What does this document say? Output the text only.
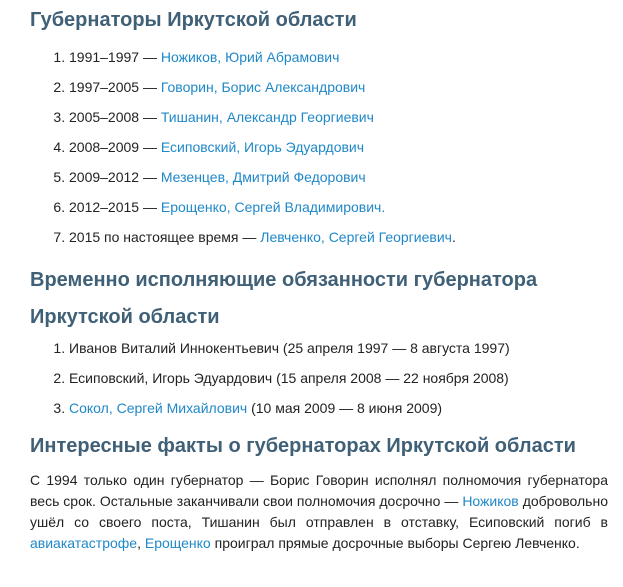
Губернаторы Иркутской области
1. 1991–1997 — Ножиков, Юрий Абрамович
2. 1997–2005 — Говорин, Борис Александрович
3. 2005–2008 — Тишанин, Александр Георгиевич
4. 2008–2009 — Есиповский, Игорь Эдуардович
5. 2009–2012 — Мезенцев, Дмитрий Федорович
6. 2012–2015 — Ерощенко, Сергей Владимирович.
7. 2015 по настоящее время — Левченко, Сергей Георгиевич.
Временно исполняющие обязанности губернатора Иркутской области
1. Иванов Виталий Иннокентьевич (25 апреля 1997 — 8 августа 1997)
2. Есиповский, Игорь Эдуардович (15 апреля 2008 — 22 ноября 2008)
3. Сокол, Сергей Михайлович (10 мая 2009 — 8 июня 2009)
Интересные факты о губернаторах Иркутской области

С 1994 только один губернатор — Борис Говорин исполнял полномочия губернатора весь срок. Остальные заканчивали свои полномочия досрочно — Ножиков добровольно ушёл со своего поста, Тишанин был отправлен в отставку, Есиповский погиб в авиакатастрофе, Ерощенко проиграл прямые досрочные выборы Сергею Левченко.
